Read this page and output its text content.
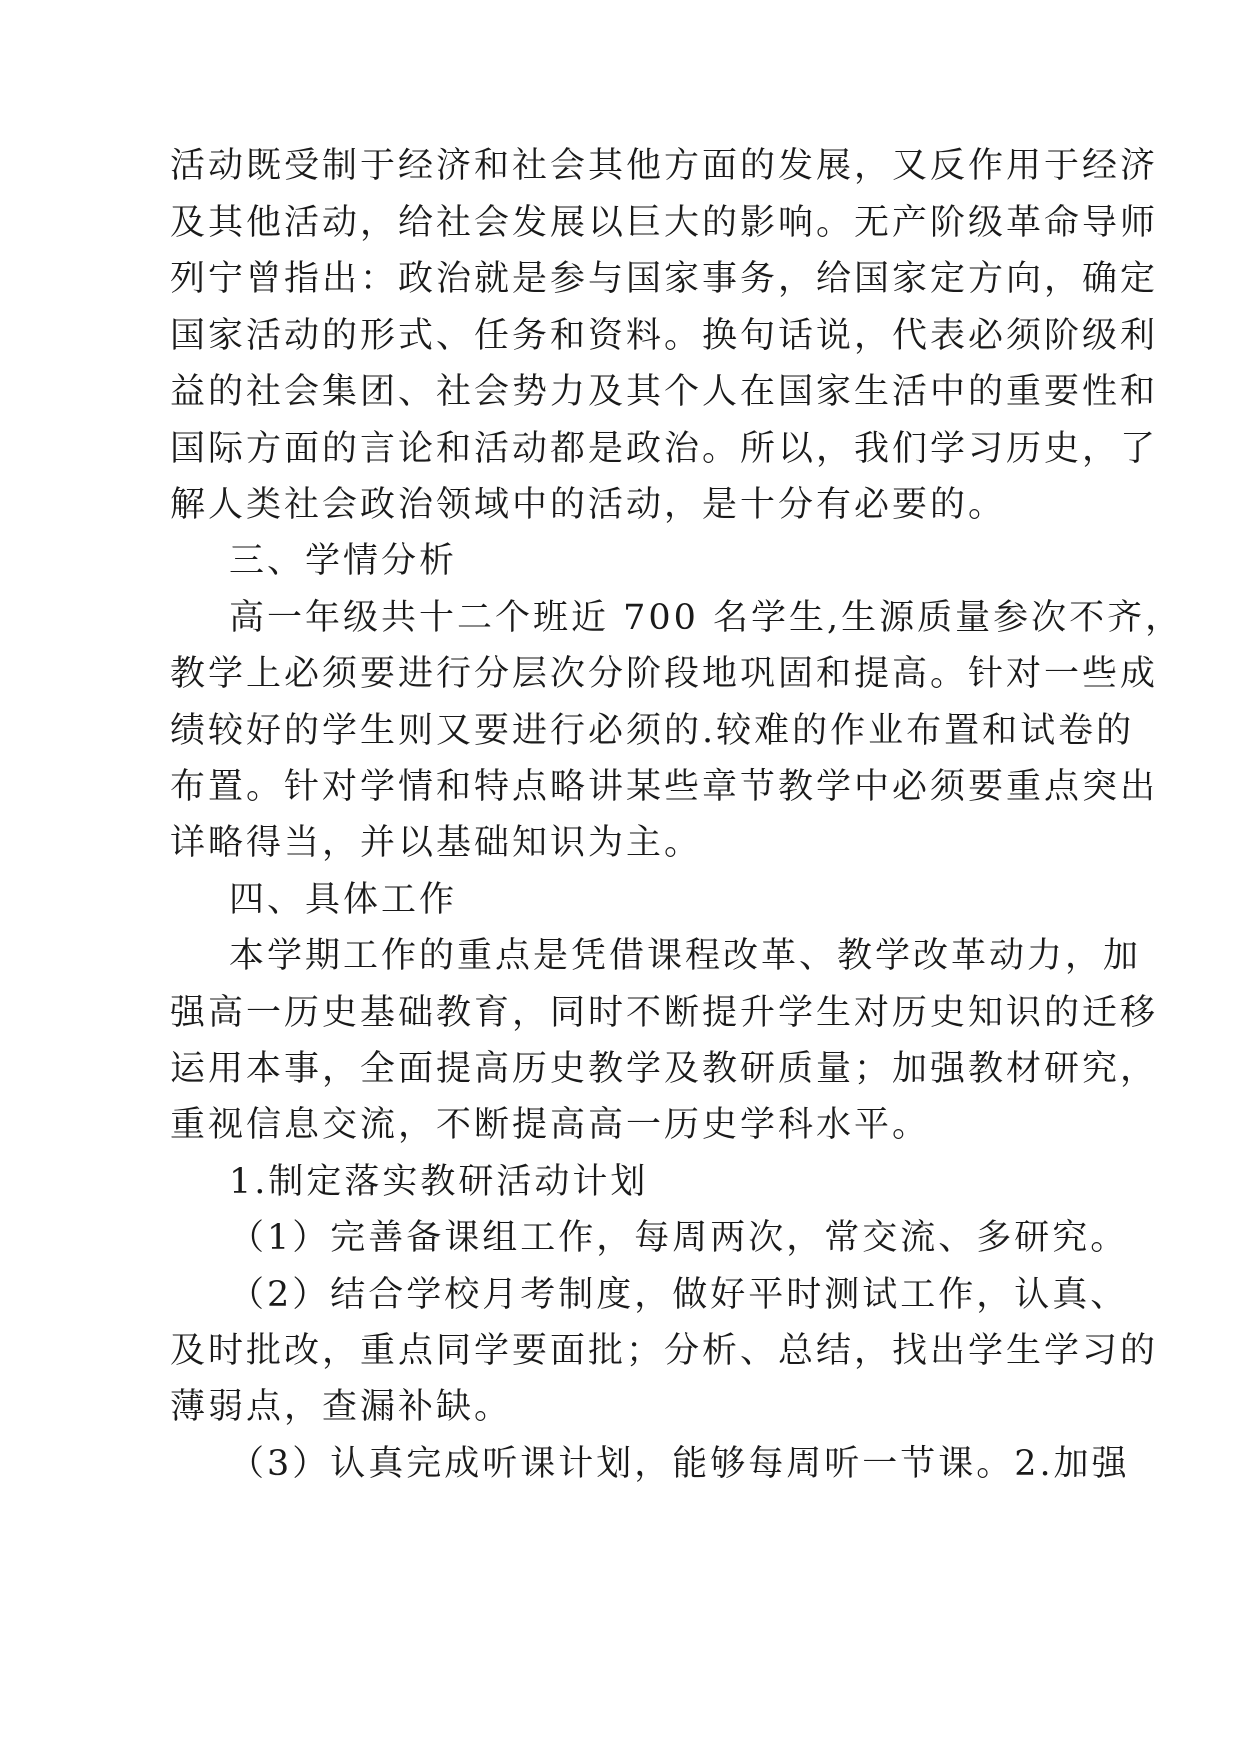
活动既受制于经济和社会其他方面的发展，又反作用于经济
及其他活动，给社会发展以巨大的影响。无产阶级革命导师
列宁曾指出：政治就是参与国家事务，给国家定方向，确定
国家活动的形式、任务和资料。换句话说，代表必须阶级利
益的社会集团、社会势力及其个人在国家生活中的重要性和
国际方面的言论和活动都是政治。所以，我们学习历史，了
解人类社会政治领域中的活动，是十分有必要的。
三、学情分析
高一年级共十二个班近 700 名学生,生源质量参次不齐，
教学上必须要进行分层次分阶段地巩固和提高。针对一些成
绩较好的学生则又要进行必须的.较难的作业布置和试卷的
布置。针对学情和特点略讲某些章节教学中必须要重点突出
详略得当，并以基础知识为主。
四、具体工作
本学期工作的重点是凭借课程改革、教学改革动力，加
强高一历史基础教育，同时不断提升学生对历史知识的迁移
运用本事，全面提高历史教学及教研质量；加强教材研究，
重视信息交流，不断提高高一历史学科水平。
1.制定落实教研活动计划
（1）完善备课组工作，每周两次，常交流、多研究。
（2）结合学校月考制度，做好平时测试工作，认真、
及时批改，重点同学要面批；分析、总结，找出学生学习的
薄弱点，查漏补缺。
（3）认真完成听课计划，能够每周听一节课。2.加强
